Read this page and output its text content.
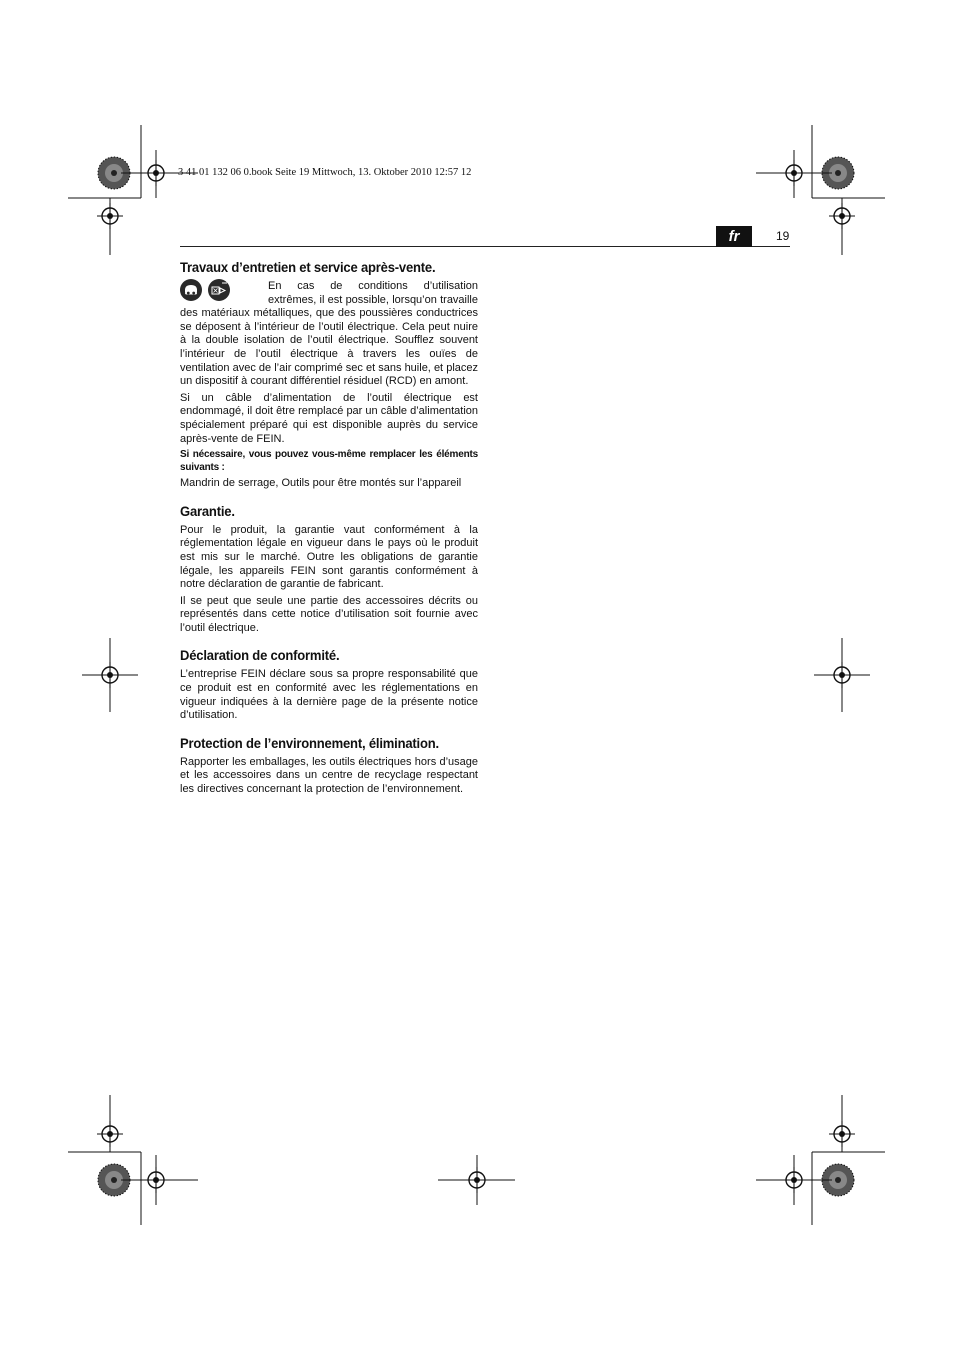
3 41 01 132 06 0.book Seite 19 Mittwoch, 13. Oktober 2010 12:57 12
fr	19
Travaux d’entretien et service après-vente.

En cas de conditions d’utilisation extrêmes, il est possible, lorsqu’on travaille des matériaux métalliques, que des poussières conductrices se déposent à l’intérieur de l’outil électrique. Cela peut nuire à la double isolation de l’outil électrique. Soufflez souvent l’intérieur de l’outil électrique à travers les ouïes de ventilation avec de l’air comprimé sec et sans huile, et placez un dispositif à courant différentiel résiduel (RCD) en amont.

Si un câble d’alimentation de l’outil électrique est endommagé, il doit être remplacé par un câble d’alimentation spécialement préparé qui est disponible auprès du service après-vente de FEIN.

Si nécessaire, vous pouvez vous-même remplacer les éléments suivants :

Mandrin de serrage, Outils pour être montés sur l’appareil

Garantie.

Pour le produit, la garantie vaut conformément à la réglementation légale en vigueur dans le pays où le produit est mis sur le marché. Outre les obligations de garantie légale, les appareils FEIN sont garantis conformément à notre déclaration de garantie de fabricant.

Il se peut que seule une partie des accessoires décrits ou représentés dans cette notice d’utilisation soit fournie avec l’outil électrique.

Déclaration de conformité.

L’entreprise FEIN déclare sous sa propre responsabilité que ce produit est en conformité avec les réglementations en vigueur indiquées à la dernière page de la présente notice d’utilisation.

Protection de l’environnement, élimination.

Rapporter les emballages, les outils électriques hors d’usage et les accessoires dans un centre de recyclage respectant les directives concernant la protection de l’environnement.
